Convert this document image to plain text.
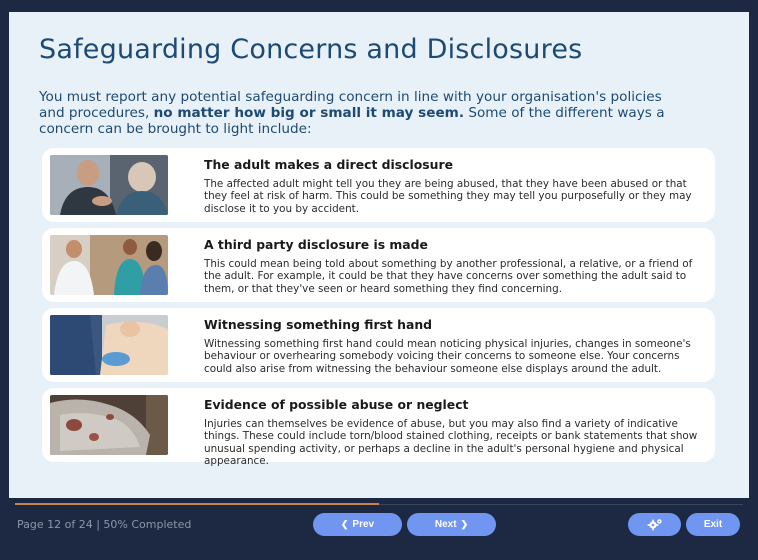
Safeguarding Concerns and Disclosures

You must report any potential safeguarding concern in line with your organisation's policies and procedures, no matter how big or small it may seem. Some of the different ways a concern can be brought to light include:

The adult makes a direct disclosure
The affected adult might tell you they are being abused, that they have been abused or that they feel at risk of harm. This could be something they may tell you purposefully or they may disclose it to you by accident.
A third party disclosure is made
This could mean being told about something by another professional, a relative, or a friend of the adult. For example, it could be that they have concerns over something the adult said to them, or that they've seen or heard something they find concerning.
Witnessing something first hand
Witnessing something first hand could mean noticing physical injuries, changes in someone's behaviour or overhearing somebody voicing their concerns to someone else. Your concerns could also arise from witnessing the behaviour someone else displays around the adult.
Evidence of possible abuse or neglect
Injuries can themselves be evidence of abuse, but you may also find a variety of indicative things. These could include torn/blood stained clothing, receipts or bank statements that show unusual spending activity, or perhaps a decline in the adult's personal hygiene and physical appearance.
Page 12 of 24 | 50% Completed	❮ Prev	Next ❯	Exit
